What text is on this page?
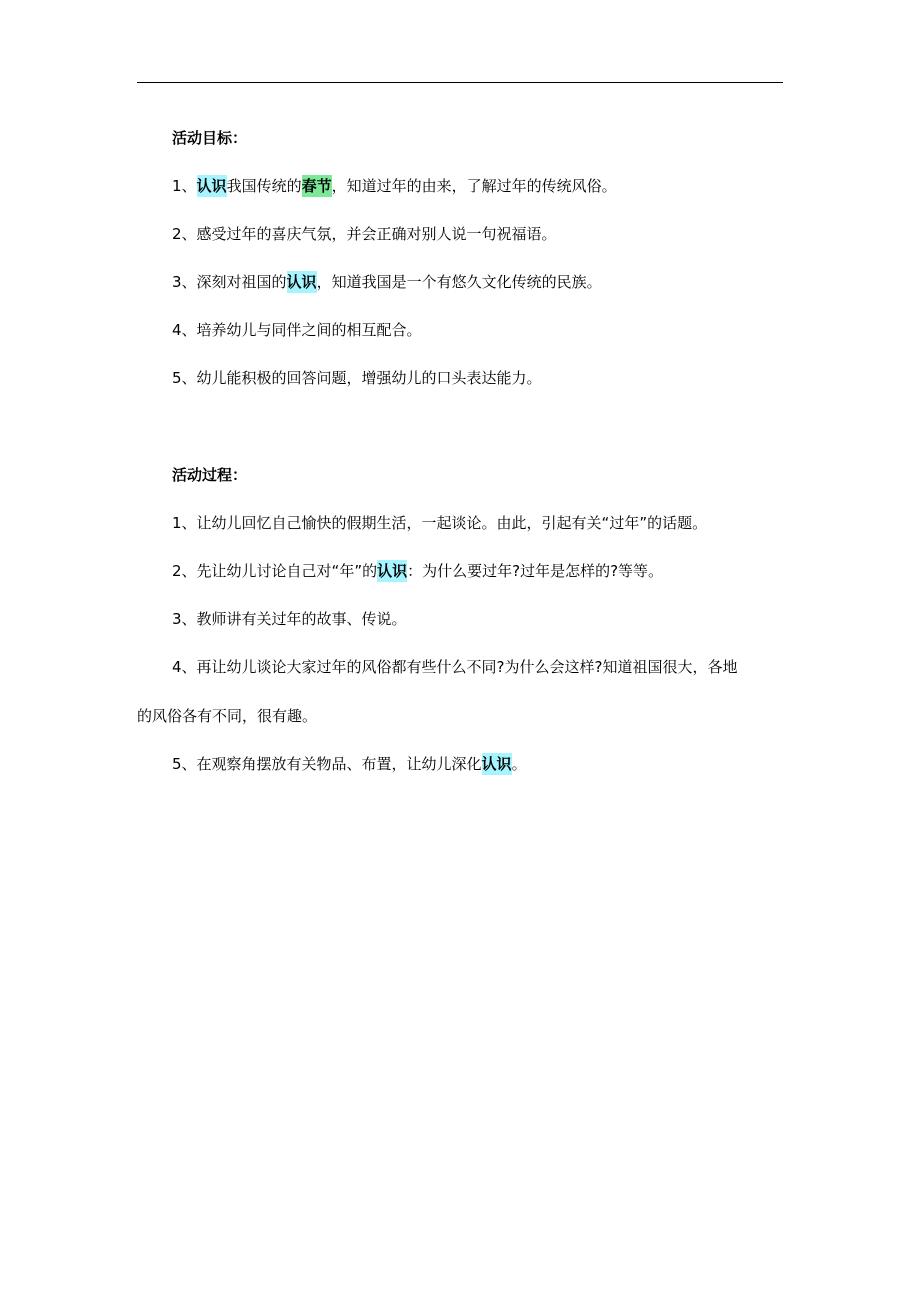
活动目标：
1、认识我国传统的春节，知道过年的由来，了解过年的传统风俗。
2、感受过年的喜庆气氛，并会正确对别人说一句祝福语。
3、深刻对祖国的认识，知道我国是一个有悠久文化传统的民族。
4、培养幼儿与同伴之间的相互配合。
5、幼儿能积极的回答问题，增强幼儿的口头表达能力。
活动过程：
1、让幼儿回忆自己愉快的假期生活，一起谈论。由此，引起有关“过年”的话题。
2、先让幼儿讨论自己对“年”的认识：为什么要过年?过年是怎样的?等等。
3、教师讲有关过年的故事、传说。
4、再让幼儿谈论大家过年的风俗都有些什么不同?为什么会这样?知道祖国很大，各地
的风俗各有不同，很有趣。
5、在观察角摆放有关物品、布置，让幼儿深化认识。
